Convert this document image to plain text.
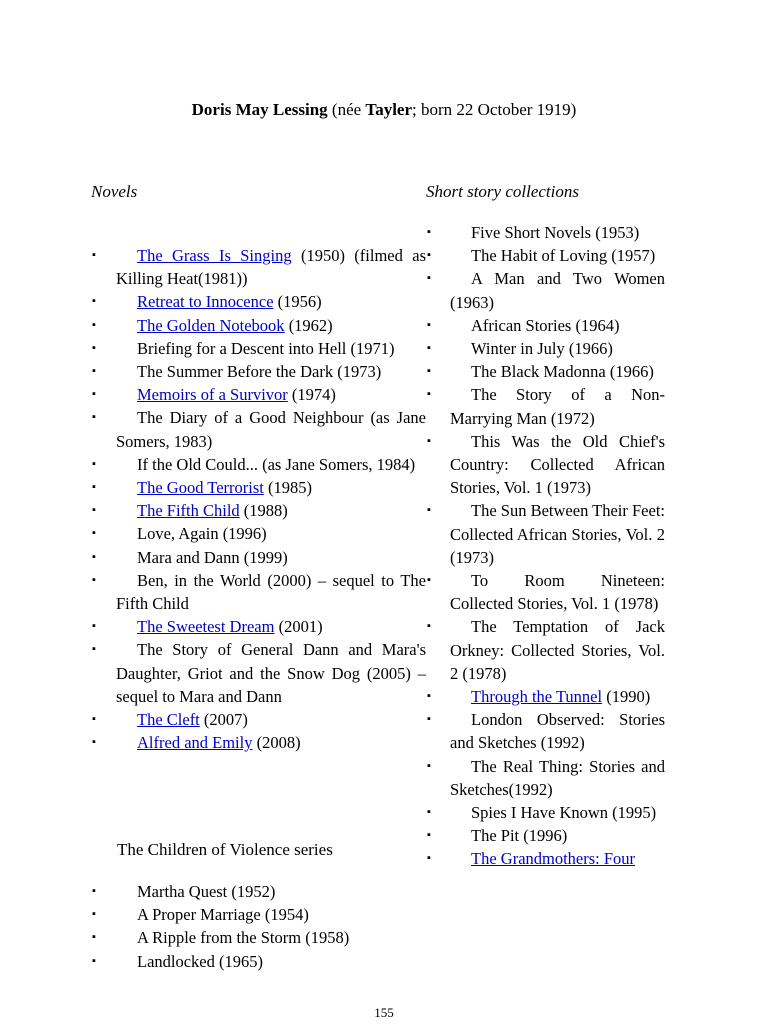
Doris May Lessing (née Tayler; born 22 October 1919)
Novels	Short story collections
▪	The Grass Is Singing (1950) (filmed as Killing Heat(1981))
▪	Retreat to Innocence (1956)
▪	The Golden Notebook (1962)
▪	Briefing for a Descent into Hell (1971)
▪	The Summer Before the Dark (1973)
▪	Memoirs of a Survivor (1974)
▪	The Diary of a Good Neighbour (as Jane Somers, 1983)
▪	If the Old Could... (as Jane Somers, 1984)
▪	The Good Terrorist (1985)
▪	The Fifth Child (1988)
▪	Love, Again (1996)
▪	Mara and Dann (1999)
▪	Ben, in the World (2000) – sequel to The Fifth Child
▪	The Sweetest Dream (2001)
▪	The Story of General Dann and Mara's Daughter, Griot and the Snow Dog (2005) – sequel to Mara and Dann
▪	The Cleft (2007)
▪	Alfred and Emily (2008)
▪	Five Short Novels (1953)
▪	The Habit of Loving (1957)
▪	A Man and Two Women (1963)
▪	African Stories (1964)
▪	Winter in July (1966)
▪	The Black Madonna (1966)
▪	The Story of a Non-Marrying Man (1972)
▪	This Was the Old Chief's Country: Collected African Stories, Vol. 1 (1973)
▪	The Sun Between Their Feet: Collected African Stories, Vol. 2 (1973)
▪	To Room Nineteen: Collected Stories, Vol. 1 (1978)
▪	The Temptation of Jack Orkney: Collected Stories, Vol. 2 (1978)
▪	Through the Tunnel (1990)
▪	London Observed: Stories and Sketches (1992)
▪	The Real Thing: Stories and Sketches(1992)
▪	Spies I Have Known (1995)
▪	The Pit (1996)
▪	The Grandmothers: Four
The Children of Violence series
▪	Martha Quest (1952)
▪	A Proper Marriage (1954)
▪	A Ripple from the Storm (1958)
▪	Landlocked (1965)
155
